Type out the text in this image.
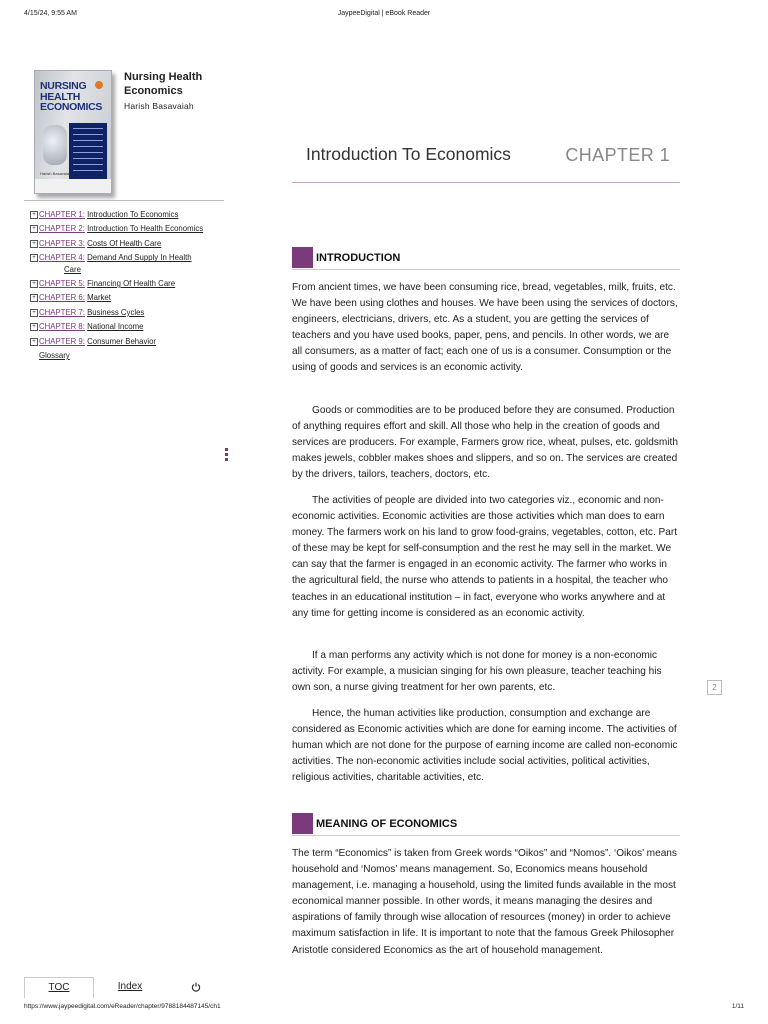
4/15/24, 9:55 AM	JaypeeDigital | eBook Reader
NURSING
HEALTH
ECONOMICS
Harish Basavaiah
Nursing Health
Economics
Harish Basavaiah
+ CHAPTER 1: Introduction To Economics
+ CHAPTER 2: Introduction To Health Economics
+ CHAPTER 3: Costs Of Health Care
+ CHAPTER 4: Demand And Supply In Health
Care
+ CHAPTER 5: Financing Of Health Care
+ CHAPTER 6: Market
+ CHAPTER 7: Business Cycles
+ CHAPTER 8: National Income
+ CHAPTER 9: Consumer Behavior
Glossary
TOC	Index
Introduction To Economics	CHAPTER 1
INTRODUCTION

From ancient times, we have been consuming rice, bread, vegetables, milk, fruits, etc. We have been using clothes and houses. We have been using the services of doctors, engineers, electricians, drivers, etc. As a student, you are getting the services of teachers and you have used books, paper, pens, and pencils. In other words, we are all consumers, as a matter of fact; each one of us is a consumer. Consumption or the using of goods and services is an economic activity.

Goods or commodities are to be produced before they are consumed. Production of anything requires effort and skill. All those who help in the creation of goods and services are producers. For example, Farmers grow rice, wheat, pulses, etc. goldsmith makes jewels, cobbler makes shoes and slippers, and so on. The services are created by the drivers, tailors, teachers, doctors, etc.

The activities of people are divided into two categories viz., economic and non-economic activities. Economic activities are those activities which man does to earn money. The farmers work on his land to grow food-grains, vegetables, cotton, etc. Part of these may be kept for self-consumption and the rest he may sell in the market. We can say that the farmer is engaged in an economic activity. The farmer who works in the agricultural field, the nurse who attends to patients in a hospital, the teacher who teaches in an educational institution – in fact, everyone who works anywhere and at any time for getting income is considered as an economic activity.

If a man performs any activity which is not done for money is a non-economic activity. For example, a musician singing for his own pleasure, teacher teaching his own son, a nurse giving treatment for her own parents, etc.

Hence, the human activities like production, consumption and exchange are considered as Economic activities which are done for earning income. The activities of human which are not done for the purpose of earning income are called non-economic activities. The non-economic activities include social activities, political activities, religious activities, charitable activities, etc.

MEANING OF ECONOMICS

The term “Economics” is taken from Greek words “Oikos” and “Nomos”. ‘Oikos’ means household and ‘Nomos’ means management. So, Economics means household management, i.e. managing a household, using the limited funds available in the most economical manner possible. In other words, it means managing the desires and aspirations of family through wise allocation of resources (money) in order to achieve maximum satisfaction in life. It is important to note that the famous Greek Philosopher Aristotle considered Economics as the art of household management.

2
https://www.jaypeedigital.com/eReader/chapter/9788184487145/ch1	1/11
